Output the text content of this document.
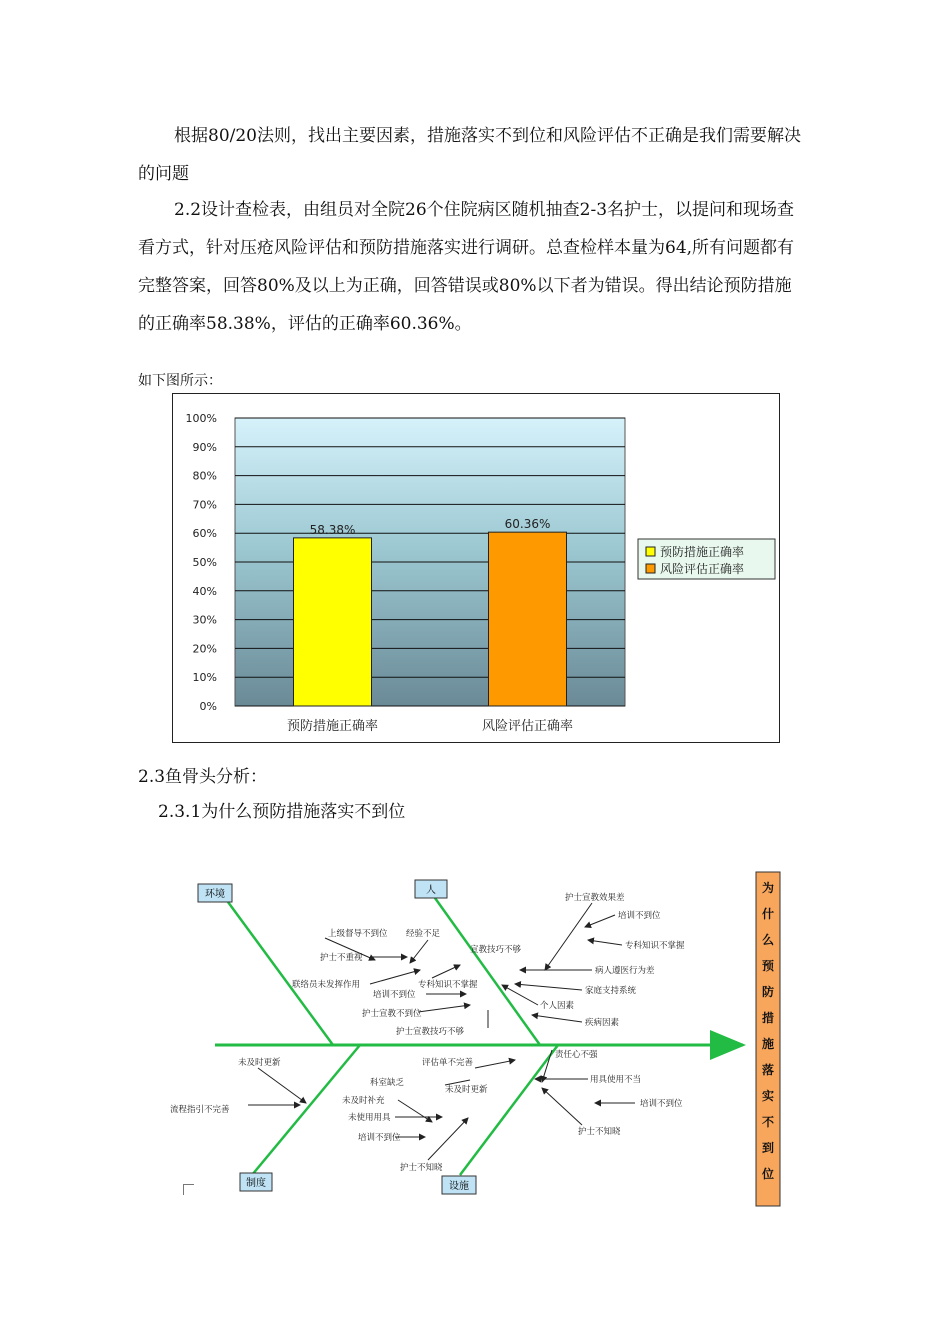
根据80/20法则，找出主要因素，措施落实不到位和风险评估不正确是我们需要解决的问题

2.2设计查检表，由组员对全院26个住院病区随机抽查2-3名护士，以提问和现场查看方式，针对压疮风险评估和预防措施落实进行调研。总查检样本量为64,所有问题都有完整答案，回答80%及以上为正确，回答错误或80%以下者为错误。得出结论预防措施的正确率58.38%，评估的正确率60.36%。

如下图所示：
0%
10%
20%
30%
40%
50%
60%
70%
80%
90%
100%
58.38%
预防措施正确率
60.36%
风险评估正确率
预防措施正确率
风险评估正确率
2.3鱼骨头分析：
2.3.1为什么预防措施落实不到位
环境	人
制度	设施
为
什
么
预
防
措
施
落
实
不
到
位
上级督导不到位 经验不足
护士不重视
联络员未发挥作用	专科知识不掌握
培训不到位
护士宣教不到位
护士宣教技巧不够
护士宣教效果差
培训不到位
专科知识不掌握
宣教技巧不够
病人遵医行为差
家庭支持系统
个人因素
疾病因素
未及时更新
流程指引不完善
科室缺乏
未及时补充
未使用用具
培训不到位
护士不知晓
未及时更新
评估单不完善
责任心不强
用具使用不当
培训不到位
护士不知晓
